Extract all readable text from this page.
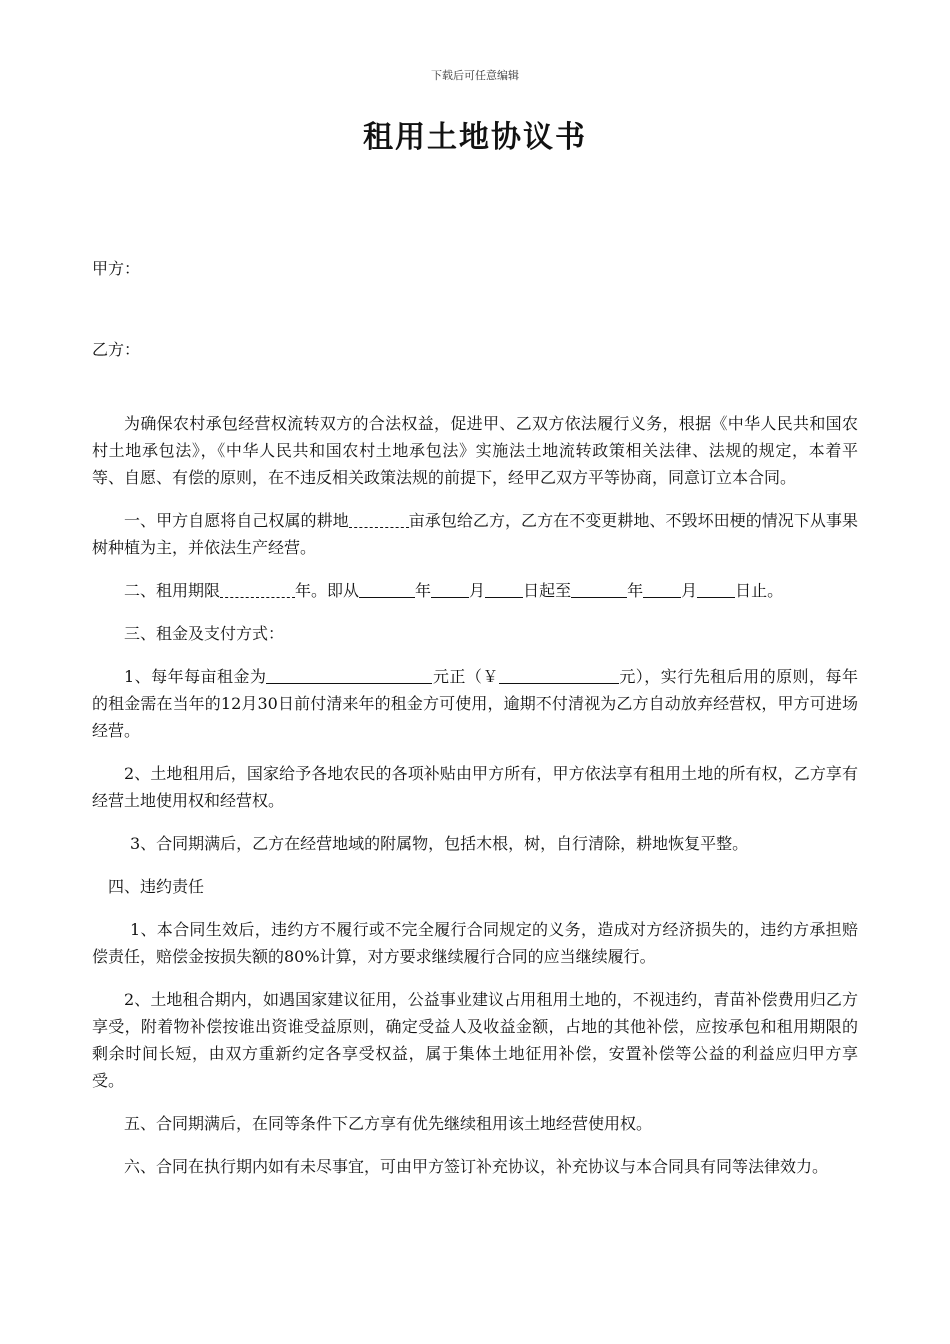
下载后可任意编辑
租用土地协议书
甲方：
乙方：

为确保农村承包经营权流转双方的合法权益，促进甲、乙双方依法履行义务，根据《中华人民共和国农村土地承包法》，《中华人民共和国农村土地承包法》实施法土地流转政策相关法律、法规的规定，本着平等、自愿、有偿的原则，在不违反相关政策法规的前提下，经甲乙双方平等协商，同意订立本合同。

一、甲方自愿将自己权属的耕地	亩承包给乙方，乙方在不变更耕地、不毁坏田梗的情况下从事果树种植为主，并依法生产经营。

二、租用期限	年。即从	年 月 日起至	年 月 日止。

三、租金及支付方式：

1、每年每亩租金为	元正（￥	元），实行先租后用的原则，每年的租金需在当年的12月30日前付清来年的租金方可使用，逾期不付清视为乙方自动放弃经营权，甲方可进场经营。

2、土地租用后，国家给予各地农民的各项补贴由甲方所有，甲方依法享有租用土地的所有权，乙方享有经营土地使用权和经营权。

3、合同期满后，乙方在经营地域的附属物，包括木根，树，自行清除，耕地恢复平整。

四、违约责任

1、本合同生效后，违约方不履行或不完全履行合同规定的义务，造成对方经济损失的，违约方承担赔偿责任，赔偿金按损失额的80%计算，对方要求继续履行合同的应当继续履行。

2、土地租合期内，如遇国家建议征用，公益事业建议占用租用土地的，不视违约，青苗补偿费用归乙方享受，附着物补偿按谁出资谁受益原则，确定受益人及收益金额，占地的其他补偿，应按承包和租用期限的剩余时间长短，由双方重新约定各享受权益，属于集体土地征用补偿，安置补偿等公益的利益应归甲方享受。

五、合同期满后，在同等条件下乙方享有优先继续租用该土地经营使用权。

六、合同在执行期内如有未尽事宜，可由甲方签订补充协议，补充协议与本合同具有同等法律效力。
